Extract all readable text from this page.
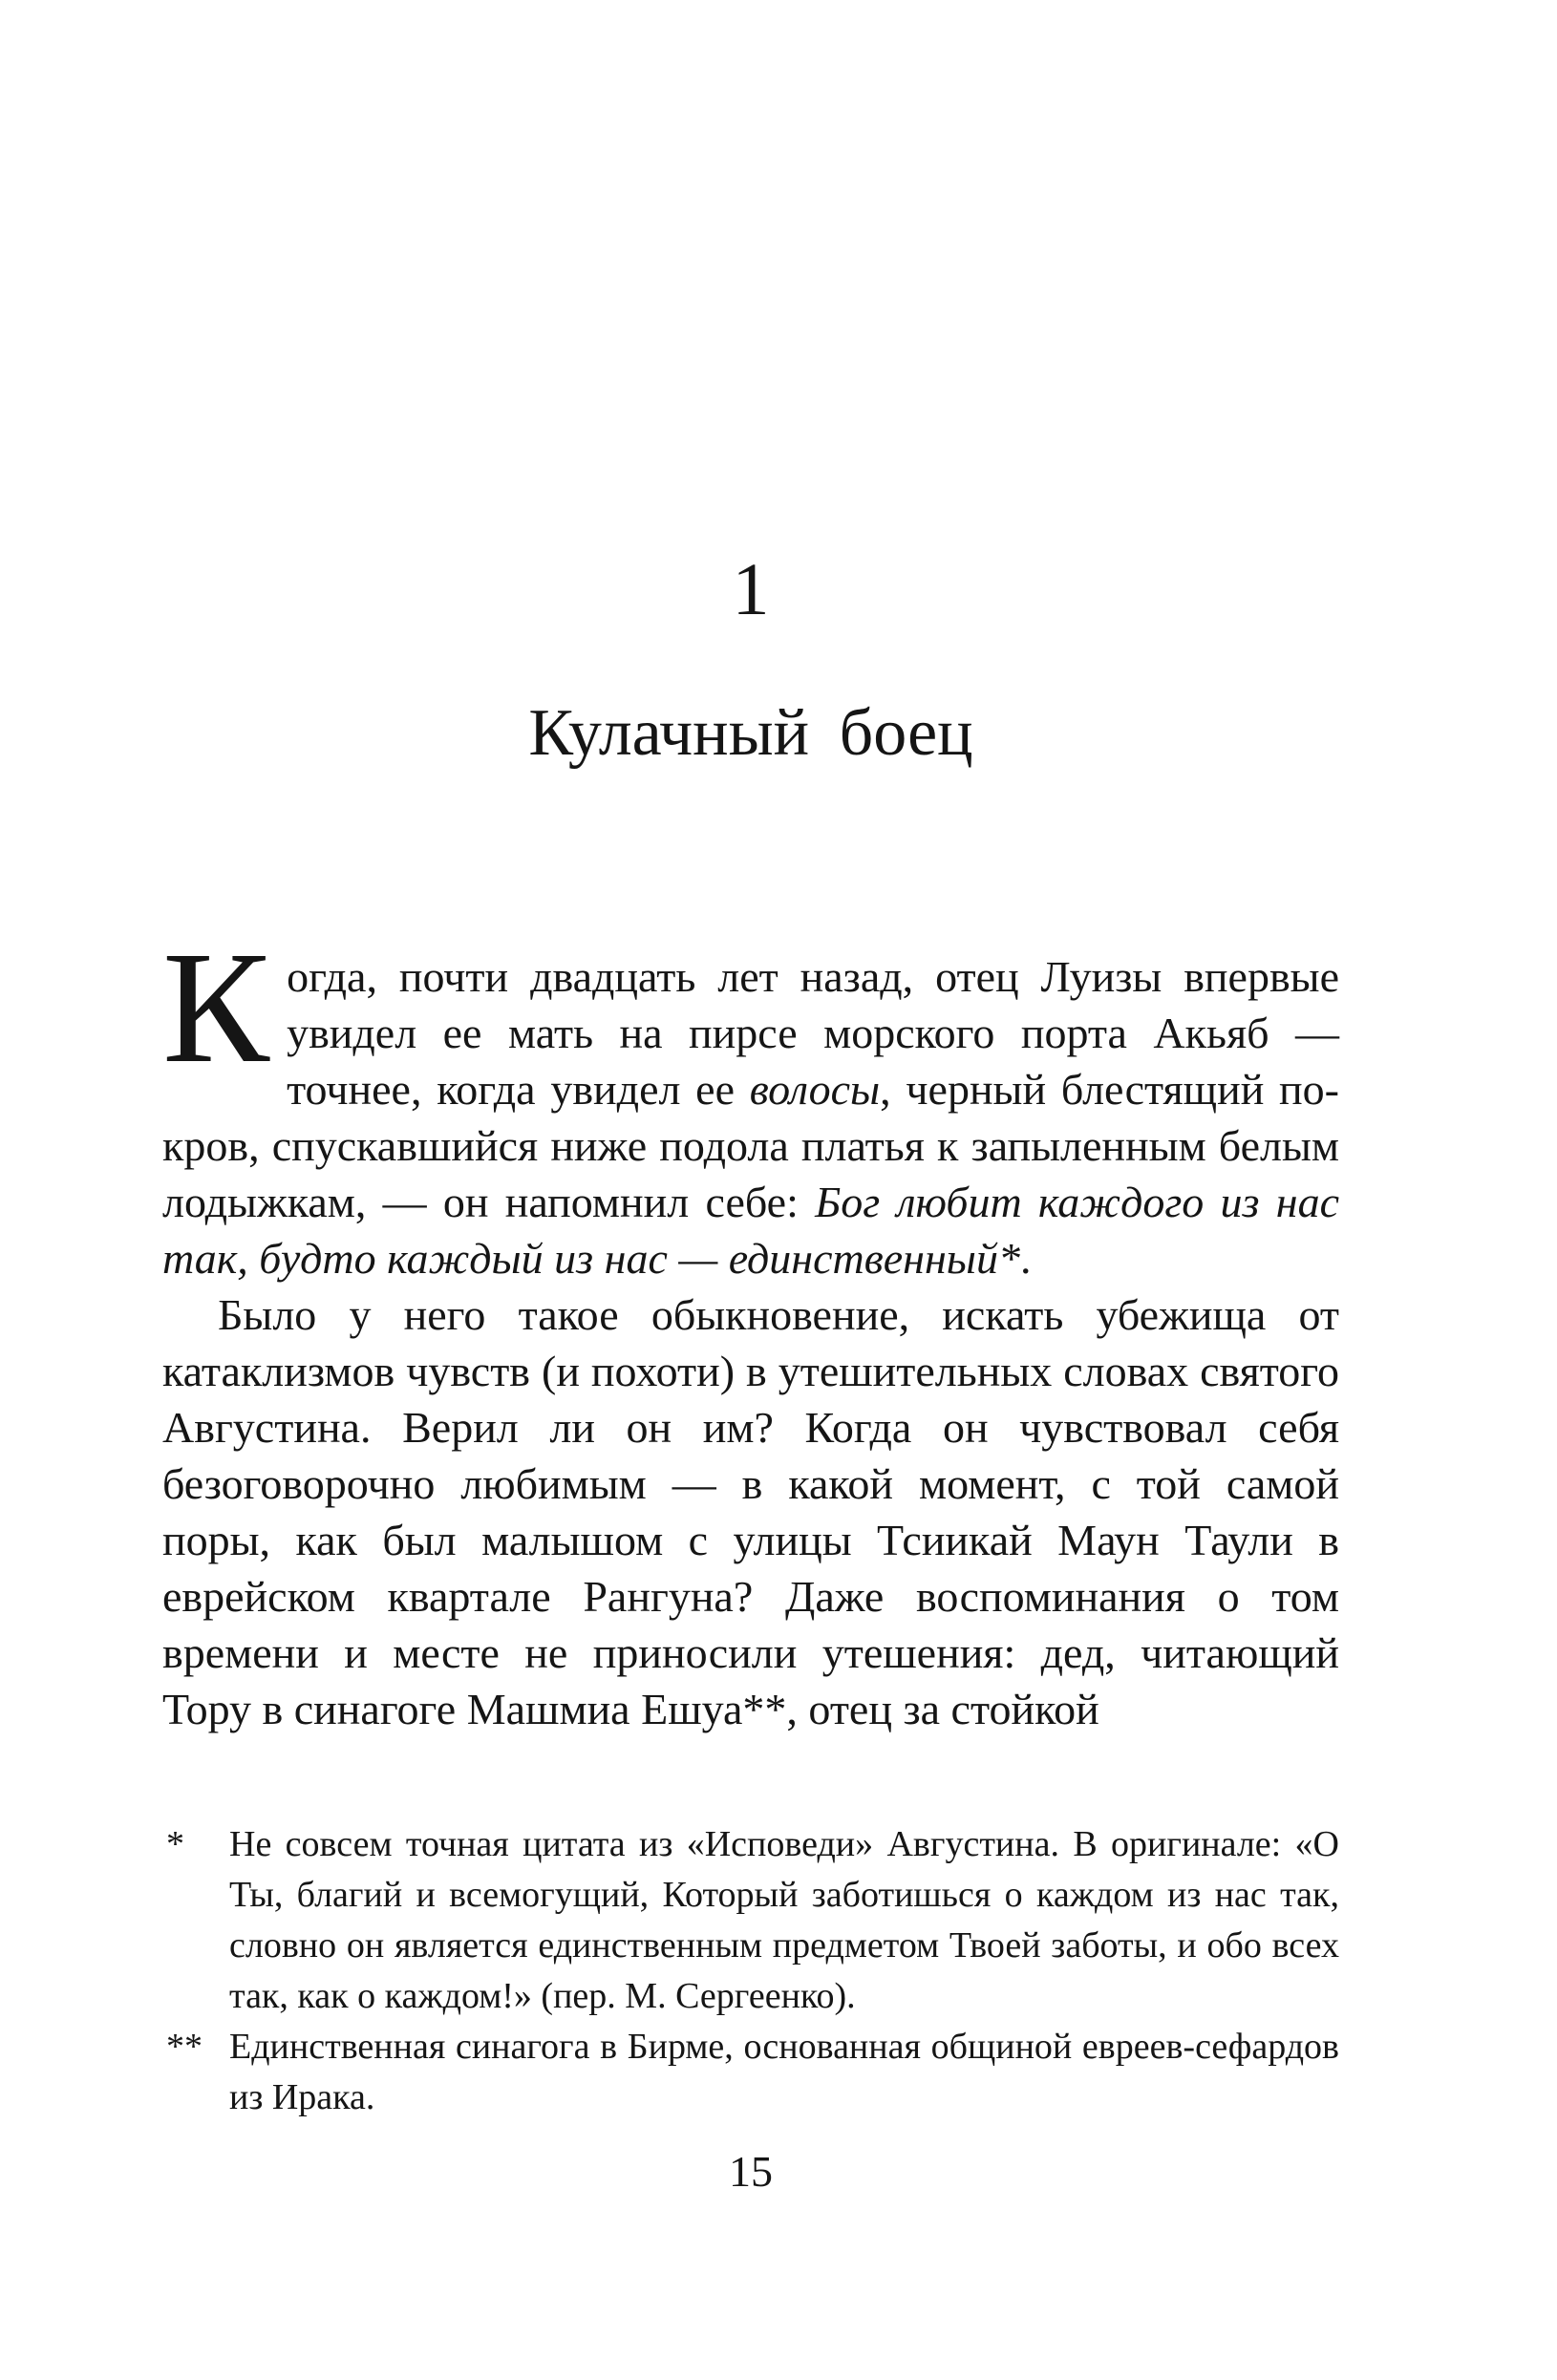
1
Кулачный боец

Когда, почти двадцать лет назад, отец Луизы впервые увидел ее мать на пирсе морского порта Акьяб — точнее, когда увидел ее волосы, черный блестящий покров, спускавшийся ниже подола платья к запыленным белым лодыжкам, — он напомнил себе: Бог любит каждого из нас так, будто каждый из нас — единственный*.

Было у него такое обыкновение, искать убежища от катаклизмов чувств (и похоти) в утешительных словах святого Августина. Верил ли он им? Когда он чувствовал себя безоговорочно любимым — в какой момент, с той самой поры, как был малышом с улицы Тсиикай Маун Таули в еврейском квартале Рангуна? Даже воспоминания о том времени и месте не приносили утешения: дед, читающий Тору в синагоге Машмиа Ешуа**, отец за стойкой

* Не совсем точная цитата из «Исповеди» Августина. В оригинале: «О Ты, благий и всемогущий, Который заботишься о каждом из нас так, словно он является единственным предметом Твоей заботы, и обо всех так, как о каждом!» (пер. М. Сергеенко).
** Единственная синагога в Бирме, основанная общиной евреев-сефардов из Ирака.
15
